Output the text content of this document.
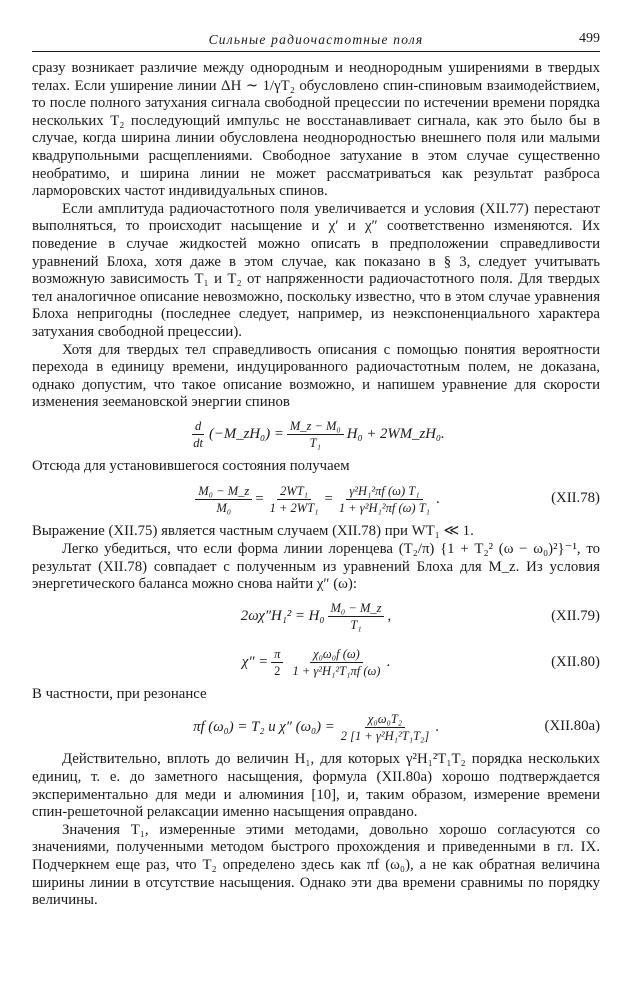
Сильные радиочастотные поля	499

сразу возникает различие между однородным и неоднородным уширениями в твердых телах. Если уширение линии ΔH ∼ 1/γT₂ обусловлено спин-спиновым взаимодействием, то после полного затухания сигнала свободной прецессии по истечении времени порядка нескольких T₂ последующий импульс не восстанавливает сигнала, как это было бы в случае, когда ширина линии обусловлена неоднородностью внешнего поля или малыми квадрупольными расщеплениями. Свободное затухание в этом случае существенно необратимо, и ширина линии не может рассматриваться как результат разброса ларморовских частот индивидуальных спинов.

Если амплитуда радиочастотного поля увеличивается и условия (XII.77) перестают выполняться, то происходит насыщение и χ′ и χ″ соответственно изменяются. Их поведение в случае жидкостей можно описать в предположении справедливости уравнений Блоха, хотя даже в этом случае, как показано в § 3, следует учитывать возможную зависимость T₁ и T₂ от напряженности радиочастотного поля. Для твердых тел аналогичное описание невозможно, поскольку известно, что в этом случае уравнения Блоха непригодны (последнее следует, например, из неэкспоненциального характера затухания свободной прецессии).

Хотя для твердых тел справедливость описания с помощью понятия вероятности перехода в единицу времени, индуцированного радиочастотным полем, не доказана, однако допустим, что такое описание возможно, и напишем уравнение для скорости изменения зеемановской энергии спинов

$\frac{d}{dt}$ (−M_zH₀) = $\frac{\text{M\_z − M₀}}{\text{T₁}} H_0$ + 2WM_zH₀.

Отсюда для установившегося состояния получаем

$\frac{\text{M₀ − M\_z}}{\text{M₀}} = \frac{\text{2WT₁}}{\text{1 + 2WT₁}} = \frac{\text{γ²H₁²πf (ω) T₁}}{\text{1 + γ²H₁²πf (ω) T₁}}$ .	(XII.78)

Выражение (XII.75) является частным случаем (XII.78) при WT₁ ≪ 1.

Легко убедиться, что если форма линии лоренцева (T₂/π) {1 + T₂² (ω − ω₀)²}⁻¹, то результат (XII.78) совпадает с полученным из уравнений Блоха для M_z. Из условия энергетического баланса можно снова найти χ″ (ω):

$2\omega\chi''H_1^2 = H_0 \frac{\text{M₀ − M\_z}}{\text{T₁}}$ ,	(XII.79)
$\chi'' = \frac{\pi}{2} \frac{\text{χ₀ω₀f (ω)}}{\text{1 + γ²H₁²T₁πf (ω)}}$ .	(XII.80)

В частности, при резонансе

πf (ω₀) = T₂ и χ″ $(\omega_0) = \frac{\text{χ₀ω₀T₂}}{\text{2 [1 + γ²H₁²T₁T₂]}}$ .	(XII.80a)

Действительно, вплоть до величин H₁, для которых γ²H₁²T₁T₂ порядка нескольких единиц, т. е. до заметного насыщения, формула (XII.80a) хорошо подтверждается экспериментально для меди и алюминия [10], и, таким образом, измерение времени спин-решеточной релаксации именно насыщения оправдано.

Значения T₁, измеренные этими методами, довольно хорошо согласуются со значениями, полученными методом быстрого прохождения и приведенными в гл. IX. Подчеркнем еще раз, что T₂ определено здесь как πf (ω₀), а не как обратная величина ширины линии в отсутствие насыщения. Однако эти два времени сравнимы по порядку величины.
